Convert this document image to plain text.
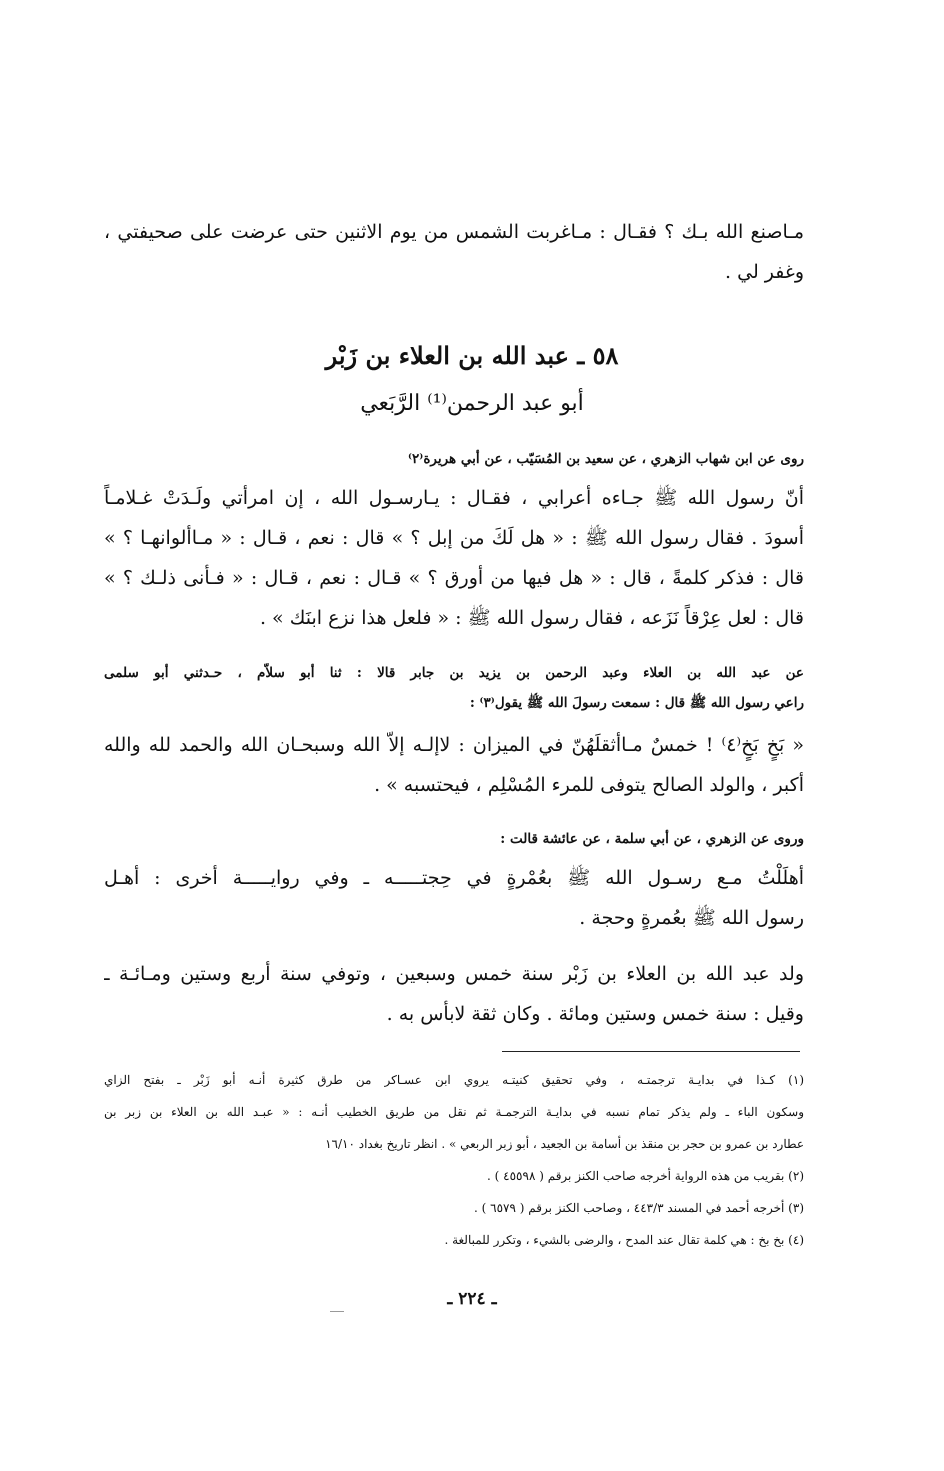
مـاصنع الله بـك ؟ فقـال : مـاغربت الشمس من يوم الاثنين حتى عرضت على صحيفتي ،
وغفر لي .
٥٨ ـ عبد الله بن العلاء بن زَبْر
أبو عبد الرحمن⁽¹⁾ الرَّبَعي
روى عن ابن شهاب الزهري ، عن سعيد بن المُسَيّب ، عن أبي هريرة⁽٢⁾
أنّ رسول الله ﷺ جـاءه أعرابي ، فقـال : يـارسـول الله ، إن امرأتي ولَـدَتْ غـلامـاً
أسودَ . فقال رسول الله ﷺ : « هل لَكَ من إبل ؟ » قال : نعم ، قـال : « مـاألوانهـا ؟ »
قال : فذكر كلمةً ، قال : « هل فيها من أورق ؟ » قـال : نعم ، قـال : « فـأنى ذلـك ؟ »
قال : لعل عِرْقاً نَزَعه ، فقال رسول الله ﷺ : « فلعل هذا نزع ابنَك » .
عن عبد الله بن العلاء وعبد الرحمن بن يزيد بن جابر قالا : ثنا أبو سلاّم ، حـدثني أبو سلمى
راعي رسول الله ﷺ قال : سمعت رسولَ الله ﷺ يقول⁽٣⁾ :
« بَخٍ بَخٍ⁽٤⁾ ! خمسٌ مـاأثقلَهُنّ في الميزان : لاإلـه إلاّ الله وسبحـان الله والحمد لله والله
أكبر ، والولد الصالح يتوفى للمرء المُسْلِم ، فيحتسبه » .
وروى عن الزهري ، عن أبي سلمة ، عن عائشة قالت :
أهلَلْتُ مـع رسـول الله ﷺ بعُمْرةٍ في حِجتـــــه ـ وفي روايـــــة أخرى : أهـل
رسول الله ﷺ بعُمرةٍ وحجة .
ولد عبد الله بن العلاء بن زَبْر سنة خمس وسبعين ، وتوفي سنة أربع وستين ومـائـة ـ
وقيل : سنة خمس وستين ومائة . وكان ثقة لابأس به .
(١) كـذا في بدايـة ترجمتـه ، وفي تحقيق كنيتـه يروي ابن عسـاكر من طرق كثيرة أنـه أبو زَبْر ـ بفتح الزاي
وسكون الباء ـ ولم يذكر تمام نسبه في بدايـة الترجمـة ثم نقل من طريق الخطيب أنـه : « عبـد الله بن العلاء بن زبر بن
عطارد بن عمرو بن حجر بن منقذ بن أسامة بن الجعيد ، أبو زبر الربعي » . انظر تاريخ بغداد ١٦/١٠
(٢) بقريب من هذه الرواية أخرجه صاحب الكنز برقم ( ٤٥٥٩٨ ) .
(٣) أخرجه أحمد في المسند ٤٤٣/٣ ، وصاحب الكنز برقم ( ٦٥٧٩ ) .
(٤) بخ بخ : هي كلمة تقال عند المدح ، والرضى بالشيء ، وتكرر للمبالغة .
ـ ٢٢٤ ـ
